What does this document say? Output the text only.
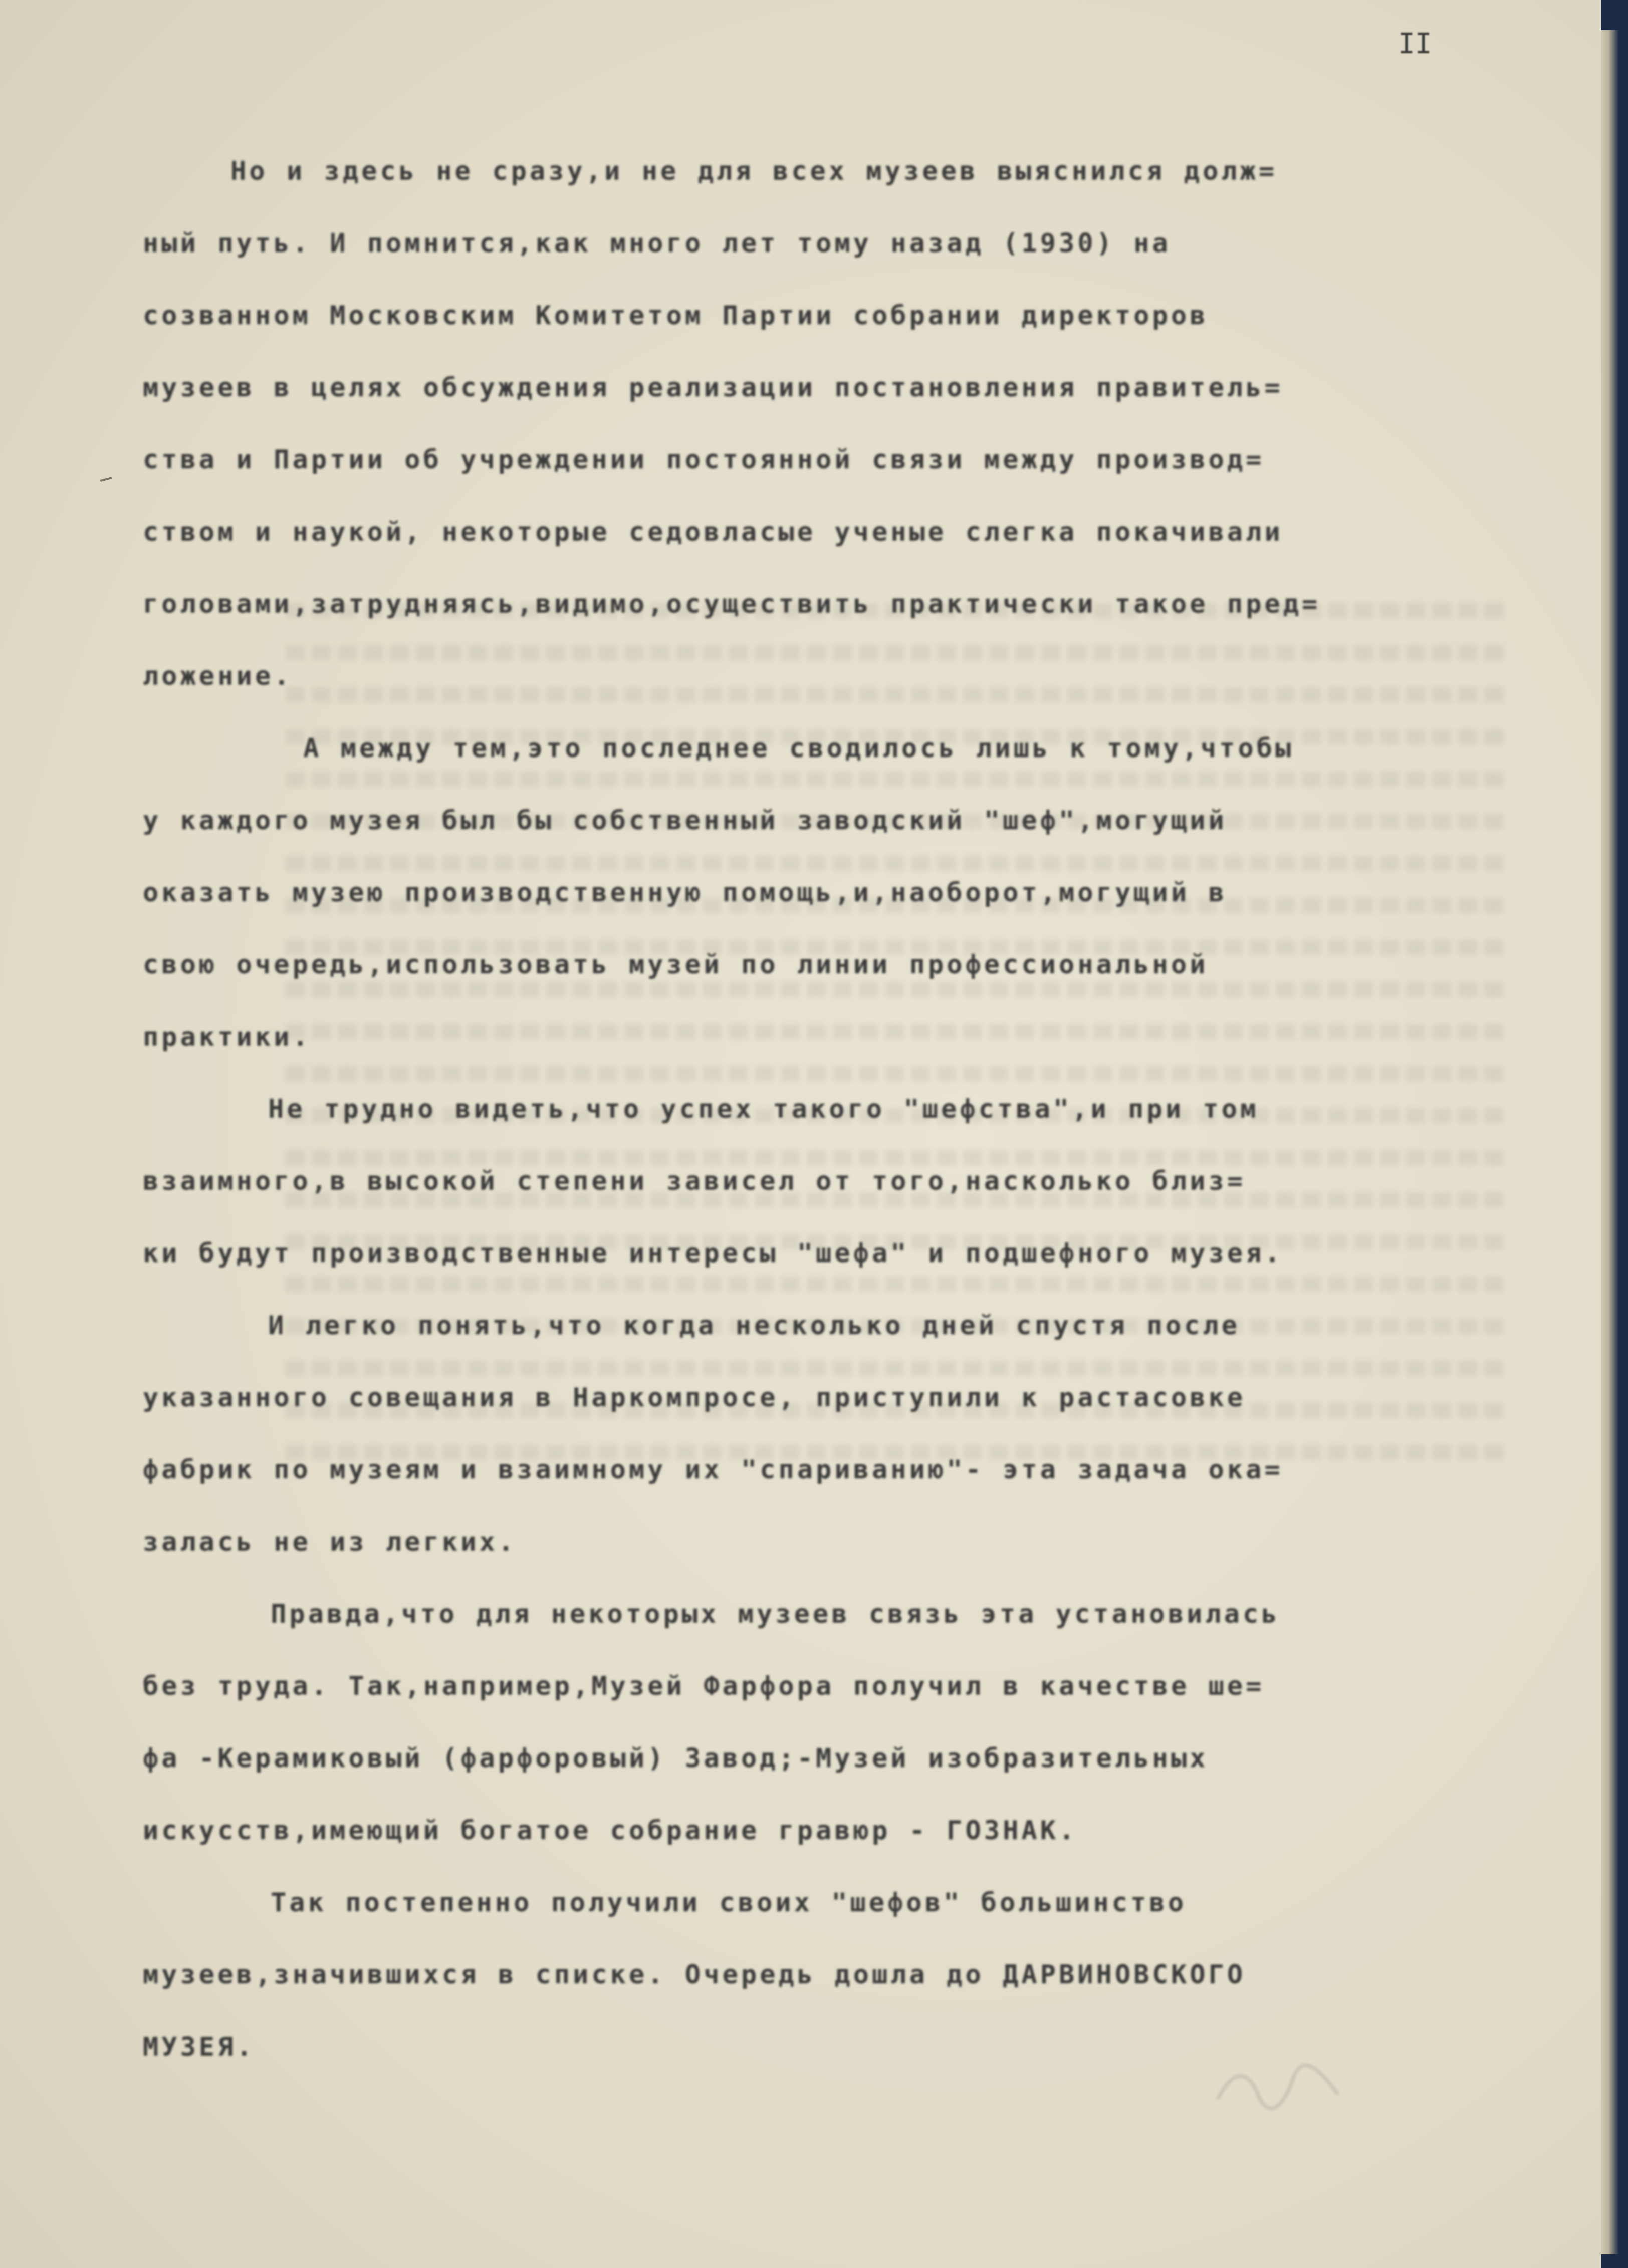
II
Но и здесь не сразу,и не для всех музеев выяснился долж=
ный путь. И помнится,как много лет тому назад (1930) на
созванном Московским Комитетом Партии собрании директоров
музеев в целях обсуждения реализации постановления правитель=
ства и Партии об учреждении постоянной связи между производ=
ством и наукой, некоторые седовласые ученые слегка покачивали
головами,затрудняясь,видимо,осуществить практически такое пред=
ложение.
А между тем,это последнее сводилось лишь к тому,чтобы
у каждого музея был бы собственный заводский "шеф",могущий
оказать музею производственную помощь,и,наоборот,могущий в
свою очередь,использовать музей по линии профессиональной
практики.
Не трудно видеть,что успех такого "шефства",и при том
взаимного,в высокой степени зависел от того,насколько близ=
ки будут производственные интересы "шефа" и подшефного музея.
И легко понять,что когда несколько дней спустя после
указанного совещания в Наркомпросе, приступили к растасовке
фабрик по музеям и взаимному их "спариванию"- эта задача ока=
залась не из легких.
Правда,что для некоторых музеев связь эта установилась
без труда. Так,например,Музей Фарфора получил в качестве ше=
фа -Керамиковый (фарфоровый) Завод;-Музей изобразительных
искусств,имеющий богатое собрание гравюр - ГОЗНАК.
Так постепенно получили своих "шефов" большинство
музеев,значившихся в списке. Очередь дошла до ДАРВИНОВСКОГО
МУЗЕЯ.
